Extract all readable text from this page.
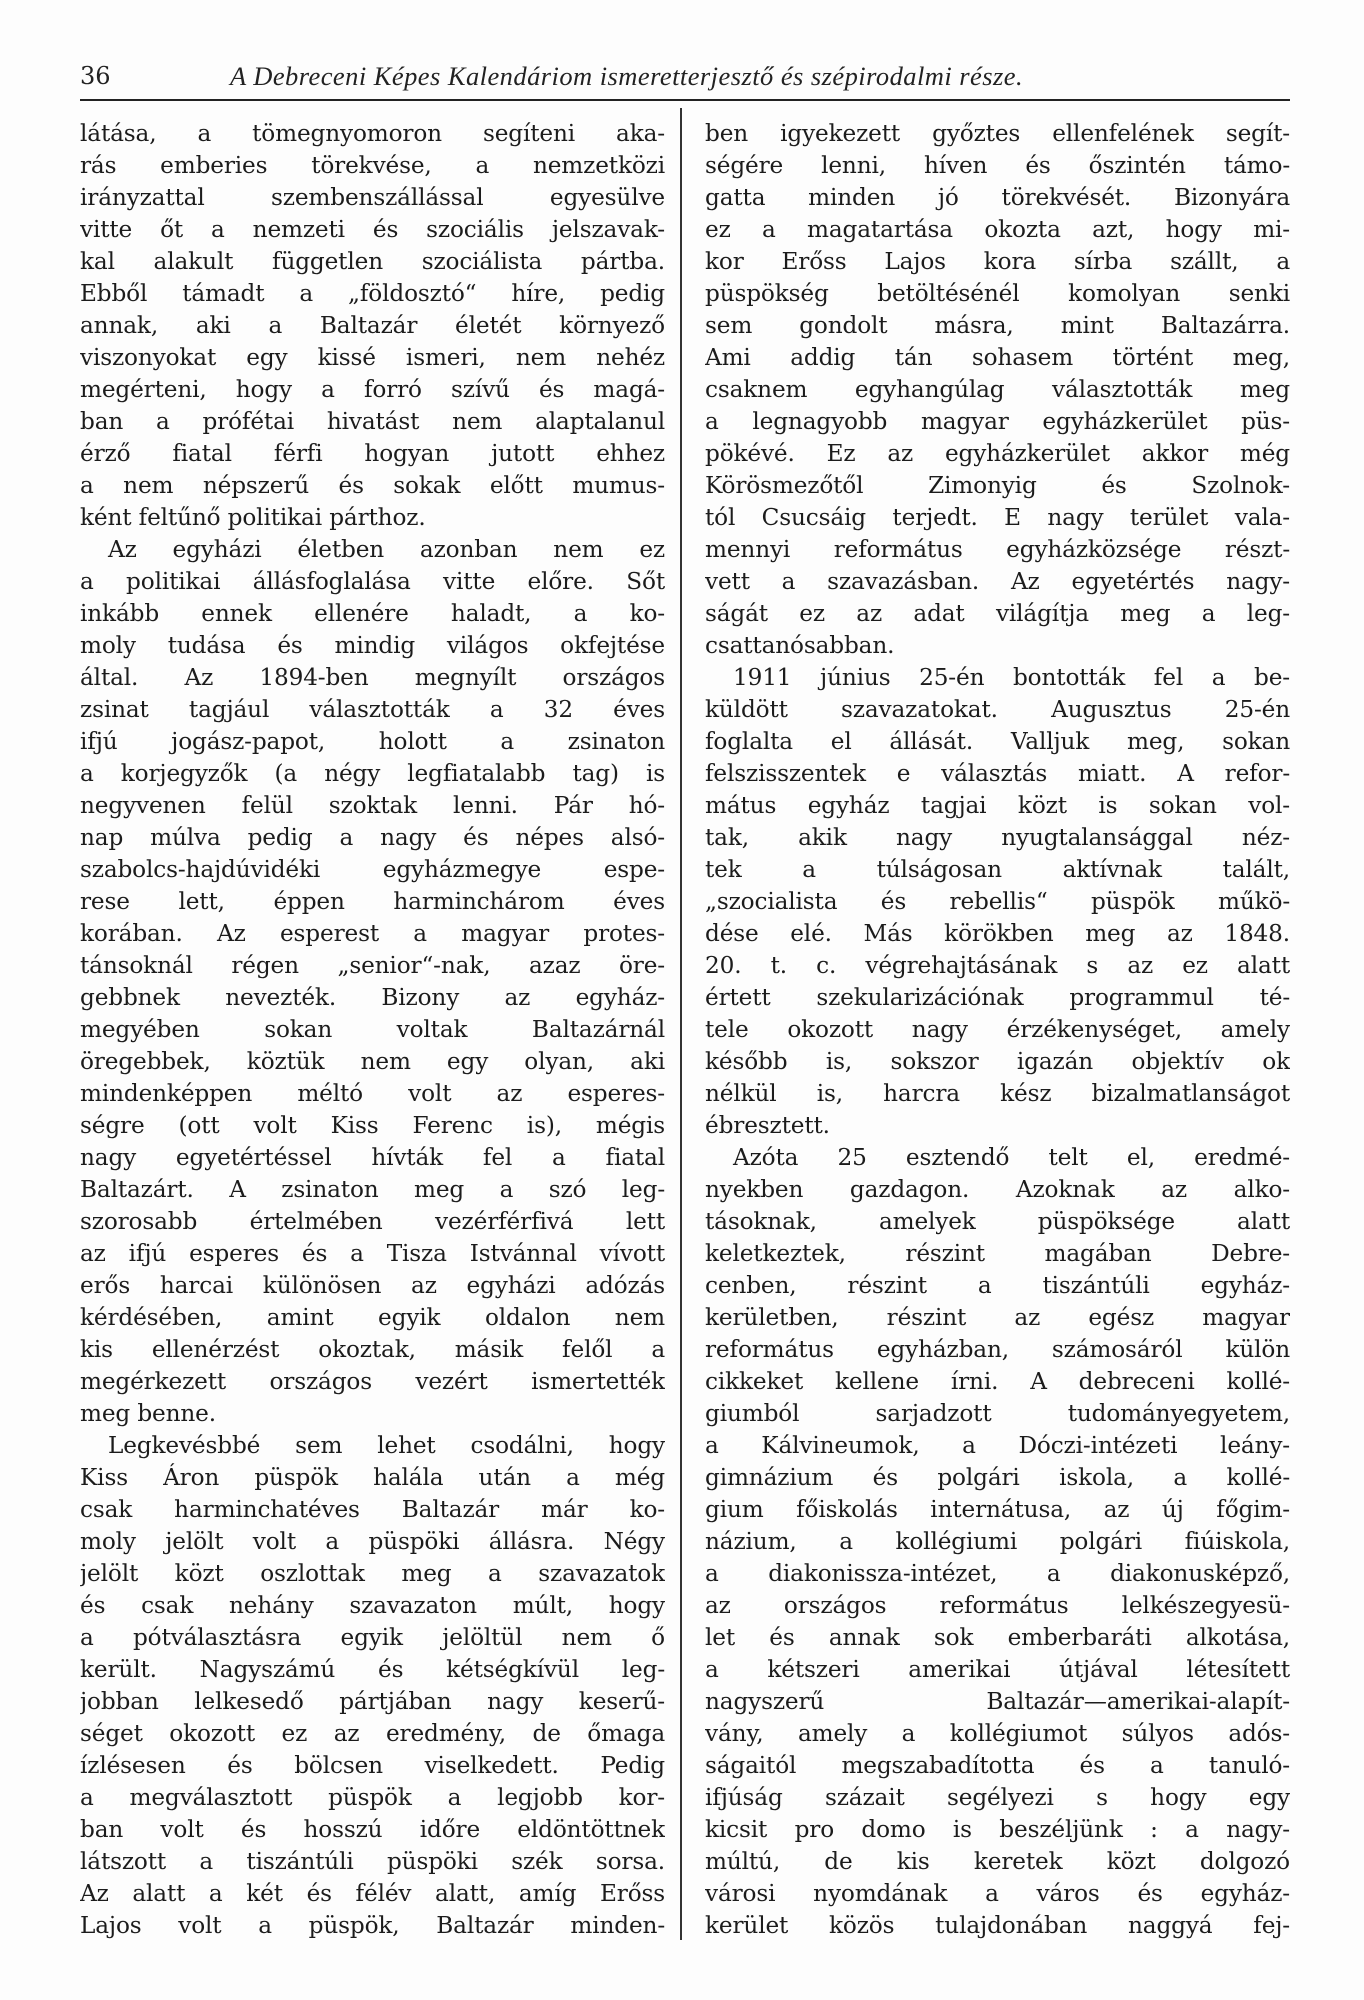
36	A Debreceni Képes Kalendáriom ismeretterjesztő és szépirodalmi része.
látása, a tömegnyomoron segíteni aka-
rás emberies törekvése, a nemzetközi
irányzattal szembenszállással egyesülve
vitte őt a nemzeti és szociális jelszavak-
kal alakult független szociálista pártba.
Ebből támadt a „földosztó“ híre, pedig
annak, aki a Baltazár életét környező
viszonyokat egy kissé ismeri, nem nehéz
megérteni, hogy a forró szívű és magá-
ban a prófétai hivatást nem alaptalanul
érző fiatal férfi hogyan jutott ehhez
a nem népszerű és sokak előtt mumus-
ként feltűnő politikai párthoz.
Az egyházi életben azonban nem ez
a politikai állásfoglalása vitte előre. Sőt
inkább ennek ellenére haladt, a ko-
moly tudása és mindig világos okfejtése
által. Az 1894-ben megnyílt országos
zsinat tagjául választották a 32 éves
ifjú jogász-papot, holott a zsinaton
a korjegyzők (a négy legfiatalabb tag) is
negyvenen felül szoktak lenni. Pár hó-
nap múlva pedig a nagy és népes alsó-
szabolcs-hajdúvidéki egyházmegye espe-
rese lett, éppen harminchárom éves
korában. Az esperest a magyar protes-
tánsoknál régen „senior“-nak, azaz öre-
gebbnek nevezték. Bizony az egyház-
megyében sokan voltak Baltazárnál
öregebbek, köztük nem egy olyan, aki
mindenképpen méltó volt az esperes-
ségre (ott volt Kiss Ferenc is), mégis
nagy egyetértéssel hívták fel a fiatal
Baltazárt. A zsinaton meg a szó leg-
szorosabb értelmében vezérférfivá lett
az ifjú esperes és a Tisza Istvánnal vívott
erős harcai különösen az egyházi adózás
kérdésében, amint egyik oldalon nem
kis ellenérzést okoztak, másik felől a
megérkezett országos vezért ismertették
meg benne.
Legkevésbbé sem lehet csodálni, hogy
Kiss Áron püspök halála után a még
csak harminchatéves Baltazár már ko-
moly jelölt volt a püspöki állásra. Négy
jelölt közt oszlottak meg a szavazatok
és csak nehány szavazaton múlt, hogy
a pótválasztásra egyik jelöltül nem ő
került. Nagyszámú és kétségkívül leg-
jobban lelkesedő pártjában nagy keserű-
séget okozott ez az eredmény, de őmaga
ízlésesen és bölcsen viselkedett. Pedig
a megválasztott püspök a legjobb kor-
ban volt és hosszú időre eldöntöttnek
látszott a tiszántúli püspöki szék sorsa.
Az alatt a két és félév alatt, amíg Erőss
Lajos volt a püspök, Baltazár minden-
ben igyekezett győztes ellenfelének segít-
ségére lenni, híven és őszintén támo-
gatta minden jó törekvését. Bizonyára
ez a magatartása okozta azt, hogy mi-
kor Erőss Lajos kora sírba szállt, a
püspökség betöltésénél komolyan senki
sem gondolt másra, mint Baltazárra.
Ami addig tán sohasem történt meg,
csaknem egyhangúlag választották meg
a legnagyobb magyar egyházkerület püs-
pökévé. Ez az egyházkerület akkor még
Körösmezőtől Zimonyig és Szolnok-
tól Csucsáig terjedt. E nagy terület vala-
mennyi református egyházközsége részt-
vett a szavazásban. Az egyetértés nagy-
ságát ez az adat világítja meg a leg-
csattanósabban.
1911 június 25-én bontották fel a be-
küldött szavazatokat. Augusztus 25-én
foglalta el állását. Valljuk meg, sokan
felszisszentek e választás miatt. A refor-
mátus egyház tagjai közt is sokan vol-
tak, akik nagy nyugtalansággal néz-
tek a túlságosan aktívnak talált,
„szocialista és rebellis“ püspök műkö-
dése elé. Más körökben meg az 1848.
20. t. c. végrehajtásának s az ez alatt
értett szekularizációnak programmul té-
tele okozott nagy érzékenységet, amely
később is, sokszor igazán objektív ok
nélkül is, harcra kész bizalmatlanságot
ébresztett.
Azóta 25 esztendő telt el, eredmé-
nyekben gazdagon. Azoknak az alko-
tásoknak, amelyek püspöksége alatt
keletkeztek, részint magában Debre-
cenben, részint a tiszántúli egyház-
kerületben, részint az egész magyar
református egyházban, számosáról külön
cikkeket kellene írni. A debreceni kollé-
giumból sarjadzott tudományegyetem,
a Kálvineumok, a Dóczi-intézeti leány-
gimnázium és polgári iskola, a kollé-
gium főiskolás internátusa, az új főgim-
názium, a kollégiumi polgári fiúiskola,
a diakonissza-intézet, a diakonusképző,
az országos református lelkészegyesü-
let és annak sok emberbaráti alkotása,
a kétszeri amerikai útjával létesített
nagyszerű Baltazár—amerikai-alapít-
vány, amely a kollégiumot súlyos adós-
ságaitól megszabadította és a tanuló-
ifjúság százait segélyezi s hogy egy
kicsit pro domo is beszéljünk : a nagy-
múltú, de kis keretek közt dolgozó
városi nyomdának a város és egyház-
kerület közös tulajdonában naggyá fej-
